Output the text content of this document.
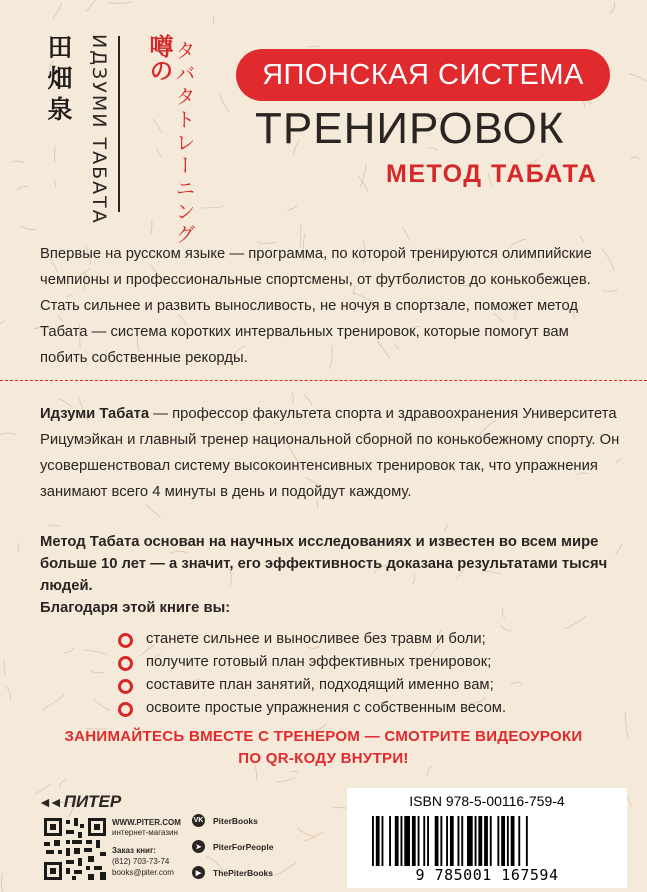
田畑泉 ИДЗУМИ ТАБАТА 噂の タバタトレーニング	ЯПОНСКАЯ СИСТЕМА
ТРЕНИРОВОК
МЕТОД ТАБАТА
Впервые на русском языке — программа, по которой тренируются олимпийские чемпионы и профессиональные спортсмены, от футболистов до конькобежцев. Стать сильнее и развить выносливость, не ночуя в спортзале, поможет метод Табата — система коротких интервальных тренировок, которые помогут вам побить собственные рекорды.
Идзуми Табата — профессор факультета спорта и здравоохранения Университета Рицумэйкан и главный тренер национальной сборной по конькобежному спорту. Он усовершенствовал систему высокоинтенсивных тренировок так, что упражнения занимают всего 4 минуты в день и подойдут каждому.
Метод Табата основан на научных исследованиях и известен во всем мире больше 10 лет — а значит, его эффективность доказана результатами тысяч людей.
Благодаря этой книге вы:
станете сильнее и выносливее без травм и боли;
получите готовый план эффективных тренировок;
составите план занятий, подходящий именно вам;
освоите простые упражнения с собственным весом.
ЗАНИМАЙТЕСЬ ВМЕСТЕ С ТРЕНЕРОМ — СМОТРИТЕ ВИДЕОУРОКИ
ПО QR-КОДУ ВНУТРИ!
◄◄ ПИТЕР
WWW.PITER.COM
интернет-магазин
Заказ книг:
(812) 703-73-74
books@piter.com
VK PiterBooks
➤	PiterForPeople
▶	ThePiterBooks
ISBN 978-5-00116-759-4
9 785001 167594
